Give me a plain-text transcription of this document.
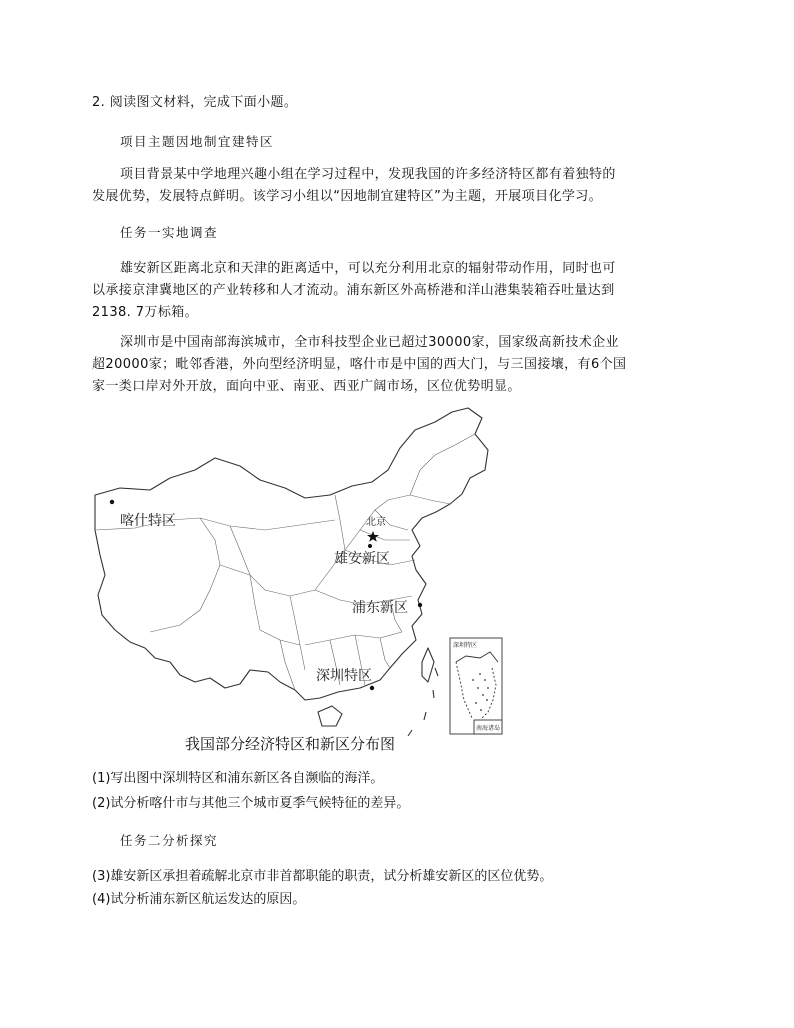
2. 阅读图文材料，完成下面小题。
项目主题因地制宜建特区
项目背景某中学地理兴趣小组在学习过程中，发现我国的许多经济特区都有着独特的
发展优势，发展特点鲜明。该学习小组以“因地制宜建特区”为主题，开展项目化学习。
任务一实地调查
雄安新区距离北京和天津的距离适中，可以充分利用北京的辐射带动作用，同时也可
以承接京津冀地区的产业转移和人才流动。浦东新区外高桥港和洋山港集装箱吞吐量达到
2138. 7万标箱。
深圳市是中国南部海滨城市，全市科技型企业已超过30000家，国家级高新技术企业
超20000家；毗邻香港，外向型经济明显，喀什市是中国的西大门，与三国接壤，有6个国
家一类口岸对外开放，面向中亚、南亚、西亚广阔市场，区位优势明显。
喀什特区	北京
雄安新区
浦东新区
深圳特区
深圳特区
南海诸岛
我国部分经济特区和新区分布图
(1)写出图中深圳特区和浦东新区各自濒临的海洋。
(2)试分析喀什市与其他三个城市夏季气候特征的差异。
任务二分析探究
(3)雄安新区承担着疏解北京市非首都职能的职责，试分析雄安新区的区位优势。
(4)试分析浦东新区航运发达的原因。
